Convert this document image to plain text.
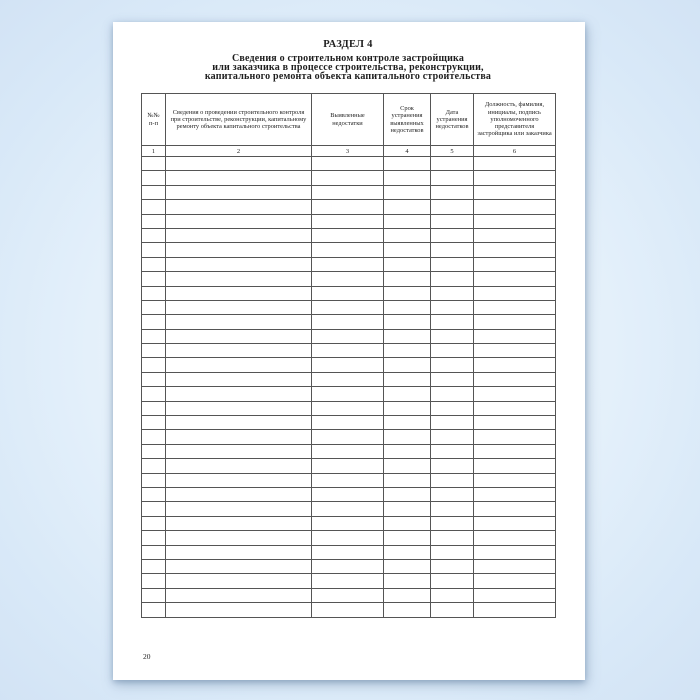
РАЗДЕЛ 4
Сведения о строительном контроле застройщика
или заказчика в процессе строительства, реконструкции,
капитального ремонта объекта капитального строительства
№№ п-п	Сведения о проведении строительного контроля при строительстве, реконструкции, капитальному ремонту объекта капитального строительства	Выявленные недостатки	Срок устранения выявленных недостатков	Дата устранения недостатков	Должность, фамилия, инициалы, подпись уполномоченного представителя застройщика или заказчика
1	2	3	4	5	6

20
